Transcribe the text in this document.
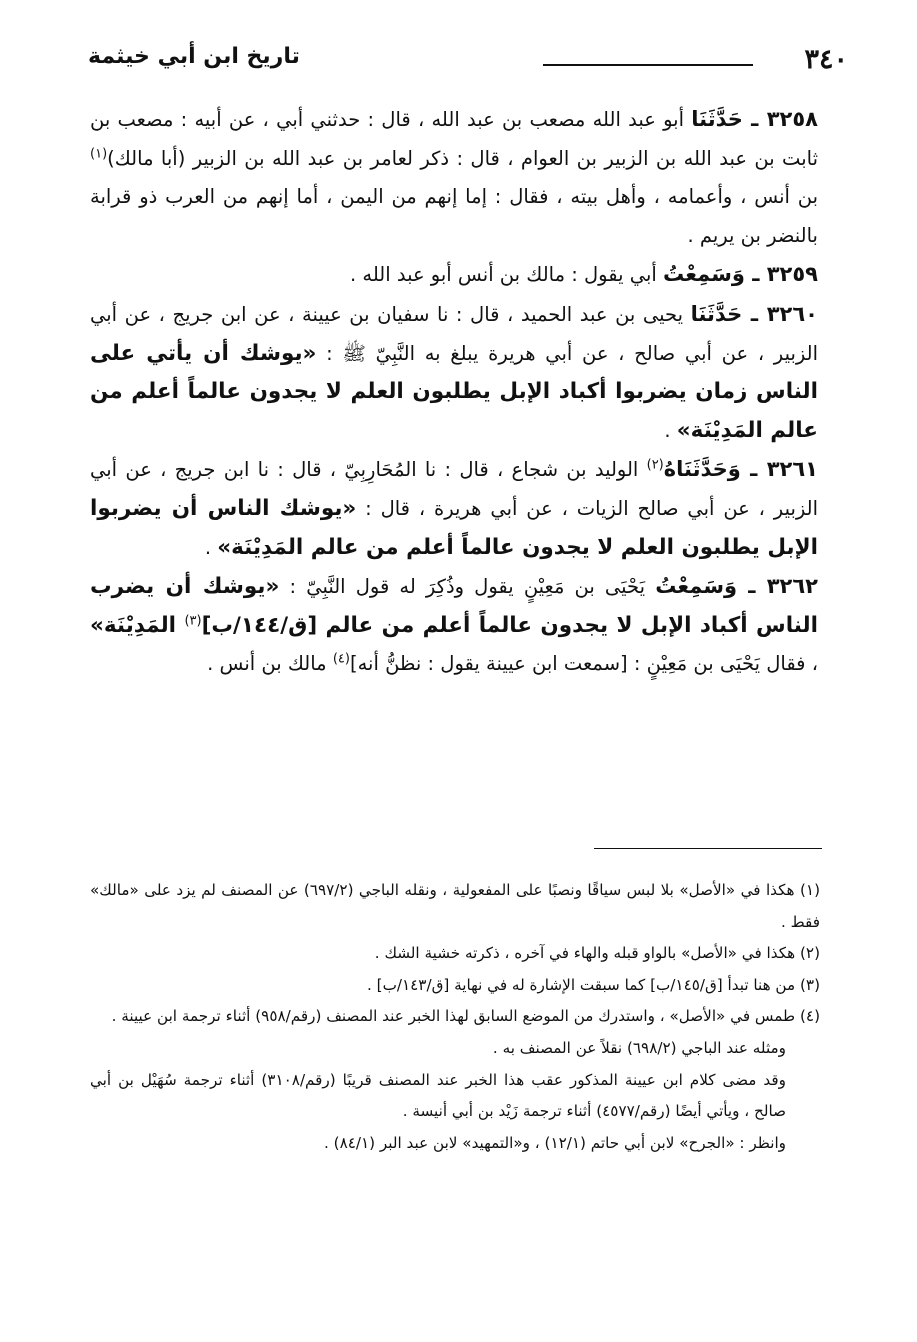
٣٤٠
تاريخ ابن أبي خيثمة

٣٢٥٨ ـ حَدَّثَنَا أبو عبد الله مصعب بن عبد الله ، قال : حدثني أبي ، عن أبيه : مصعب بن ثابت بن عبد الله بن الزبير بن العوام ، قال : ذكر لعامر بن عبد الله بن الزبير (أبا مالك)$^{(١)}$ بن أنس ، وأعمامه ، وأهل بيته ، فقال : إما إنهم من اليمن ، أما إنهم من العرب ذو قرابة بالنضر بن يريم .

٣٢٥٩ ـ وَسَمِعْتُ أبي يقول : مالك بن أنس أبو عبد الله .

٣٢٦٠ ـ حَدَّثَنَا يحيى بن عبد الحميد ، قال : نا سفيان بن عيينة ، عن ابن جريج ، عن أبي الزبير ، عن أبي صالح ، عن أبي هريرة يبلغ به النَّبِيّ ﷺ : «يوشك أن يأتي على الناس زمان يضربوا أكباد الإبل يطلبون العلم لا يجدون عالماً أعلم من عالم المَدِيْنَة» .

٣٢٦١ ـ وَحَدَّثَنَاهُ$^{(٢)}$ الوليد بن شجاع ، قال : نا المُحَارِبِيّ ، قال : نا ابن جريج ، عن أبي الزبير ، عن أبي صالح الزيات ، عن أبي هريرة ، قال : «يوشك الناس أن يضربوا الإبل يطلبون العلم لا يجدون عالماً أعلم من عالم المَدِيْنَة» .

٣٢٦٢ ـ وَسَمِعْتُ يَحْيَى بن مَعِيْنٍ يقول وذُكِرَ له قول النَّبِيّ : «يوشك أن يضرب الناس أكباد الإبل لا يجدون عالماً أعلم من عالم [ق/١٤٤/ب]$^{(٣)}$ المَدِيْنَة» ، فقال يَحْيَى بن مَعِيْنٍ : [سمعت ابن عيينة يقول : نظنُّ أنه]$^{(٤)}$ مالك بن أنس .

(١) هكذا في «الأصل» بلا لبس سياقًا ونصبًا على المفعولية ، ونقله الباجي (٦٩٧/٢) عن المصنف لم يزد على «مالك» فقط .

(٢) هكذا في «الأصل» بالواو قبله والهاء في آخره ، ذكرته خشية الشك .

(٣) من هنا تبدأ [ق/١٤٥/ب] كما سبقت الإشارة له في نهاية [ق/١٤٣/ب] .

(٤) طمس في «الأصل» ، واستدرك من الموضع السابق لهذا الخبر عند المصنف (رقم/٩٥٨) أثناء ترجمة ابن عيينة .

ومثله عند الباجي (٦٩٨/٢) نقلاً عن المصنف به .

وقد مضى كلام ابن عيينة المذكور عقب هذا الخبر عند المصنف قريبًا (رقم/٣١٠٨) أثناء ترجمة سُهَيْل بن أبي صالح ، ويأتي أيضًا (رقم/٤٥٧٧) أثناء ترجمة زَيْد بن أبي أنيسة .

وانظر : «الجرح» لابن أبي حاتم (١٢/١) ، و«التمهيد» لابن عبد البر (٨٤/١) .
